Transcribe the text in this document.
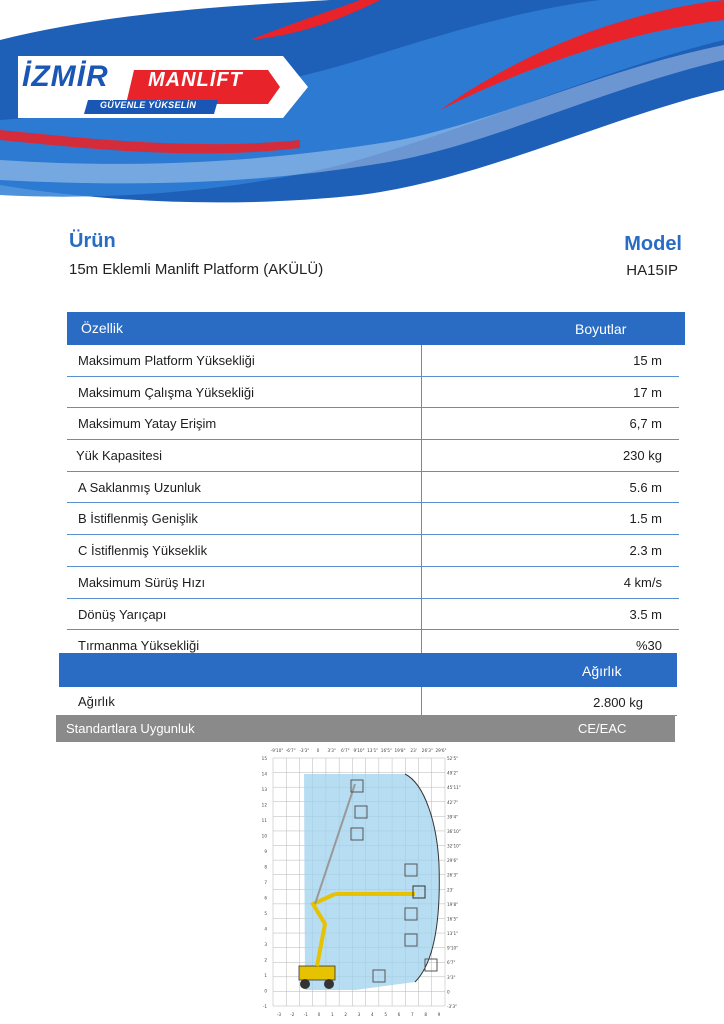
İZMİR MANLİFT
GÜVENLE YÜKSELİN
Ürün
15m Eklemli Manlift Platform (AKÜLÜ)
Model
HA15IP
Özellik	Boyutlar
Maksimum Platform Yüksekliği	15 m
Maksimum Çalışma Yüksekliği	17 m
Maksimum Yatay Erişim	6,7 m
Yük Kapasitesi	230 kg
A Saklanmış Uzunluk	5.6 m
B İstiflenmiş Genişlik	1.5 m
C İstiflenmiş Yükseklik	2.3 m
Maksimum Sürüş Hızı	4 km/s
Dönüş Yarıçapı	3.5 m
Tırmanma Yüksekliği	%30
Ağırlık
Ağırlık	2.800 kg
Standartlara Uygunluk	CE/EAC
-9'10" -6'7" -3'3" 0 3'3" 6'7" 9'10" 13'1" 16'5" 19'8" 23' 26'3" 29'6"
15
14
13
12
11
10
9
8
7
6
5
4
3
2
1
0
-1
52'5"
49'2"
45'11"
42'7"
39'4"
36'10"
32'10"
29'6"
26'3"
23'
19'8"
16'5"
13'1"
9'10"
6'7"
3'3"
0
-3'3"
-3 -2 -1 0	1	2	3	4	5	6	7	8	9
